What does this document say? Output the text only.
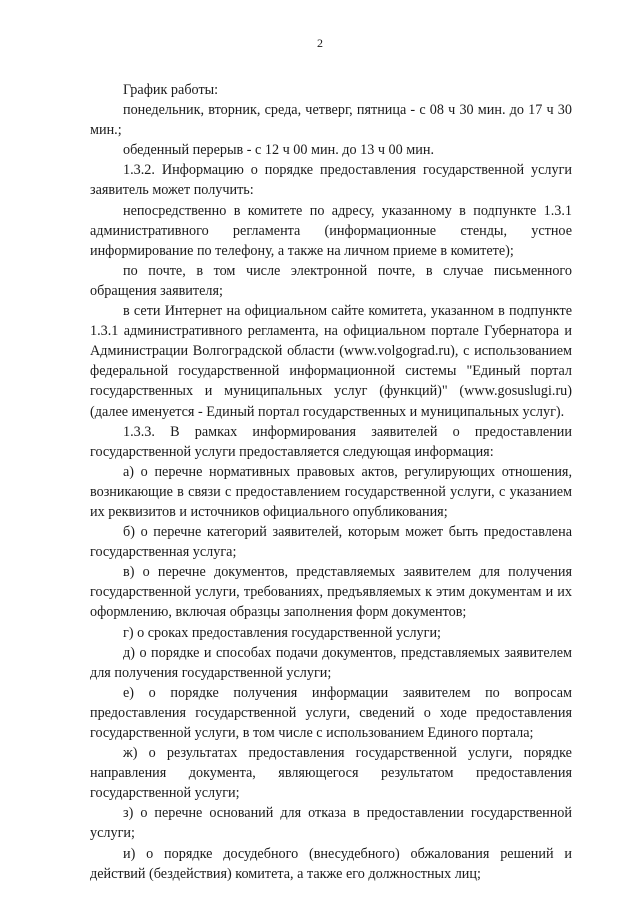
2

График работы:

понедельник, вторник, среда, четверг, пятница - с 08 ч 30 мин. до 17 ч 30 мин.;

обеденный перерыв - с 12 ч 00 мин. до 13 ч 00 мин.

1.3.2. Информацию о порядке предоставления государственной услуги заявитель может получить:

непосредственно в комитете по адресу, указанному в подпункте 1.3.1 административного регламента (информационные стенды, устное информирование по телефону, а также на личном приеме в комитете);

по почте, в том числе электронной почте, в случае письменного обращения заявителя;

в сети Интернет на официальном сайте комитета, указанном в подпункте 1.3.1 административного регламента, на официальном портале Губернатора и Администрации Волгоградской области (www.volgograd.ru), с использованием федеральной государственной информационной системы "Единый портал государственных и муниципальных услуг (функций)" (www.gosuslugi.ru) (далее именуется - Единый портал государственных и муниципальных услуг).

1.3.3. В рамках информирования заявителей о предоставлении государственной услуги предоставляется следующая информация:

а) о перечне нормативных правовых актов, регулирующих отношения, возникающие в связи с предоставлением государственной услуги, с указанием их реквизитов и источников официального опубликования;

б) о перечне категорий заявителей, которым может быть предоставлена государственная услуга;

в) о перечне документов, представляемых заявителем для получения государственной услуги, требованиях, предъявляемых к этим документам и их оформлению, включая образцы заполнения форм документов;

г) о сроках предоставления государственной услуги;

д) о порядке и способах подачи документов, представляемых заявителем для получения государственной услуги;

е) о порядке получения информации заявителем по вопросам предоставления государственной услуги, сведений о ходе предоставления государственной услуги, в том числе с использованием Единого портала;

ж) о результатах предоставления государственной услуги, порядке направления документа, являющегося результатом предоставления государственной услуги;

з) о перечне оснований для отказа в предоставлении государственной услуги;

и) о порядке досудебного (внесудебного) обжалования решений и действий (бездействия) комитета, а также его должностных лиц;
